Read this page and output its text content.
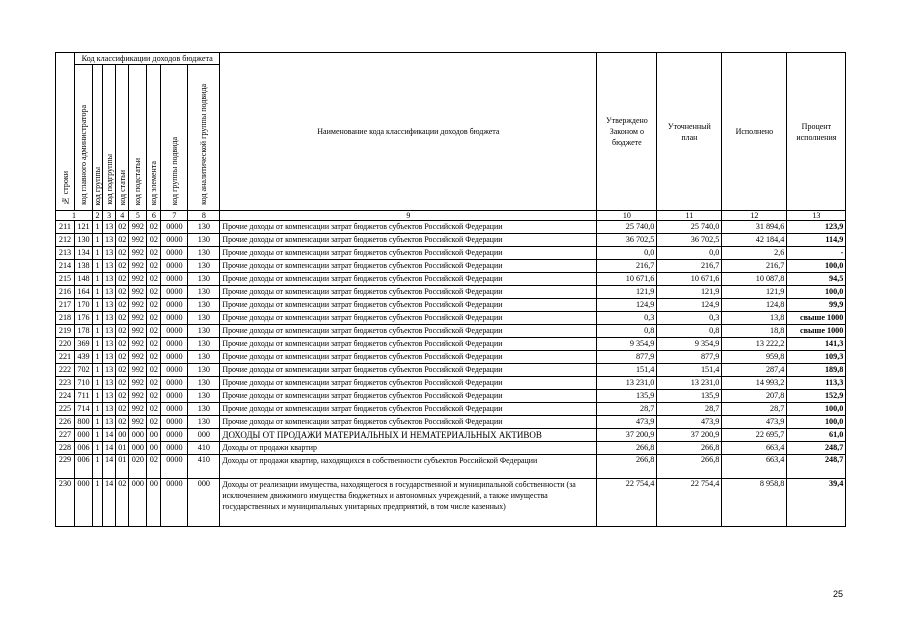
№ строки	Код классификации доходов бюджета								Наименование кода классификации доходов бюджета	Утверждено Законом о бюджете	Уточненный план	Исполнено	Процент исполнения
	код главного администратора	код группы	код подгруппы	код статьи	код подстатьи	код элемента	код группы подвида	код аналитической группы подвида					
1		2	3	4	5	6	7	8	9	10	11	12	13
211	121	1	13	02	992	02	0000	130	Прочие доходы от компенсации затрат бюджетов субъектов Российской Федерации	25 740,0	25 740,0	31 894,6	123,9
212	130	1	13	02	992	02	0000	130	Прочие доходы от компенсации затрат бюджетов субъектов Российской Федерации	36 702,5	36 702,5	42 184,4	114,9
213	134	1	13	02	992	02	0000	130	Прочие доходы от компенсации затрат бюджетов субъектов Российской Федерации	0,0	0,0	2,6	-
214	138	1	13	02	992	02	0000	130	Прочие доходы от компенсации затрат бюджетов субъектов Российской Федерации	216,7	216,7	216,7	100,0
215	148	1	13	02	992	02	0000	130	Прочие доходы от компенсации затрат бюджетов субъектов Российской Федерации	10 671,6	10 671,6	10 087,8	94,5
216	164	1	13	02	992	02	0000	130	Прочие доходы от компенсации затрат бюджетов субъектов Российской Федерации	121,9	121,9	121,9	100,0
217	170	1	13	02	992	02	0000	130	Прочие доходы от компенсации затрат бюджетов субъектов Российской Федерации	124,9	124,9	124,8	99,9
218	176	1	13	02	992	02	0000	130	Прочие доходы от компенсации затрат бюджетов субъектов Российской Федерации	0,3	0,3	13,8	свыше 1000
219	178	1	13	02	992	02	0000	130	Прочие доходы от компенсации затрат бюджетов субъектов Российской Федерации	0,8	0,8	18,8	свыше 1000
220	369	1	13	02	992	02	0000	130	Прочие доходы от компенсации затрат бюджетов субъектов Российской Федерации	9 354,9	9 354,9	13 222,2	141,3
221	439	1	13	02	992	02	0000	130	Прочие доходы от компенсации затрат бюджетов субъектов Российской Федерации	877,9	877,9	959,8	109,3
222	702	1	13	02	992	02	0000	130	Прочие доходы от компенсации затрат бюджетов субъектов Российской Федерации	151,4	151,4	287,4	189,8
223	710	1	13	02	992	02	0000	130	Прочие доходы от компенсации затрат бюджетов субъектов Российской Федерации	13 231,0	13 231,0	14 993,2	113,3
224	711	1	13	02	992	02	0000	130	Прочие доходы от компенсации затрат бюджетов субъектов Российской Федерации	135,9	135,9	207,8	152,9
225	714	1	13	02	992	02	0000	130	Прочие доходы от компенсации затрат бюджетов субъектов Российской Федерации	28,7	28,7	28,7	100,0
226	800	1	13	02	992	02	0000	130	Прочие доходы от компенсации затрат бюджетов субъектов Российской Федерации	473,9	473,9	473,9	100,0
227	000	1	14	00	000	00	0000	000	ДОХОДЫ ОТ ПРОДАЖИ МАТЕРИАЛЬНЫХ И НЕМАТЕРИАЛЬНЫХ АКТИВОВ	37 200,9	37 200,9	22 695,7	61,0
228	006	1	14	01	000	00	0000	410	Доходы от продажи квартир	266,8	266,8	663,4	248,7
229	006	1	14	01	020	02	0000	410	Доходы от продажи квартир, находящихся в собственности субъектов Российской Федерации	266,8	266,8	663,4	248,7
230	000	1	14	02	000	00	0000	000	Доходы от реализации имущества, находящегося в государственной и муниципальной собственности (за исключением движимого имущества бюджетных и автономных учреждений, а также имущества государственных и муниципальных унитарных предприятий, в том числе казенных)	22 754,4	22 754,4	8 958,8	39,4
25
